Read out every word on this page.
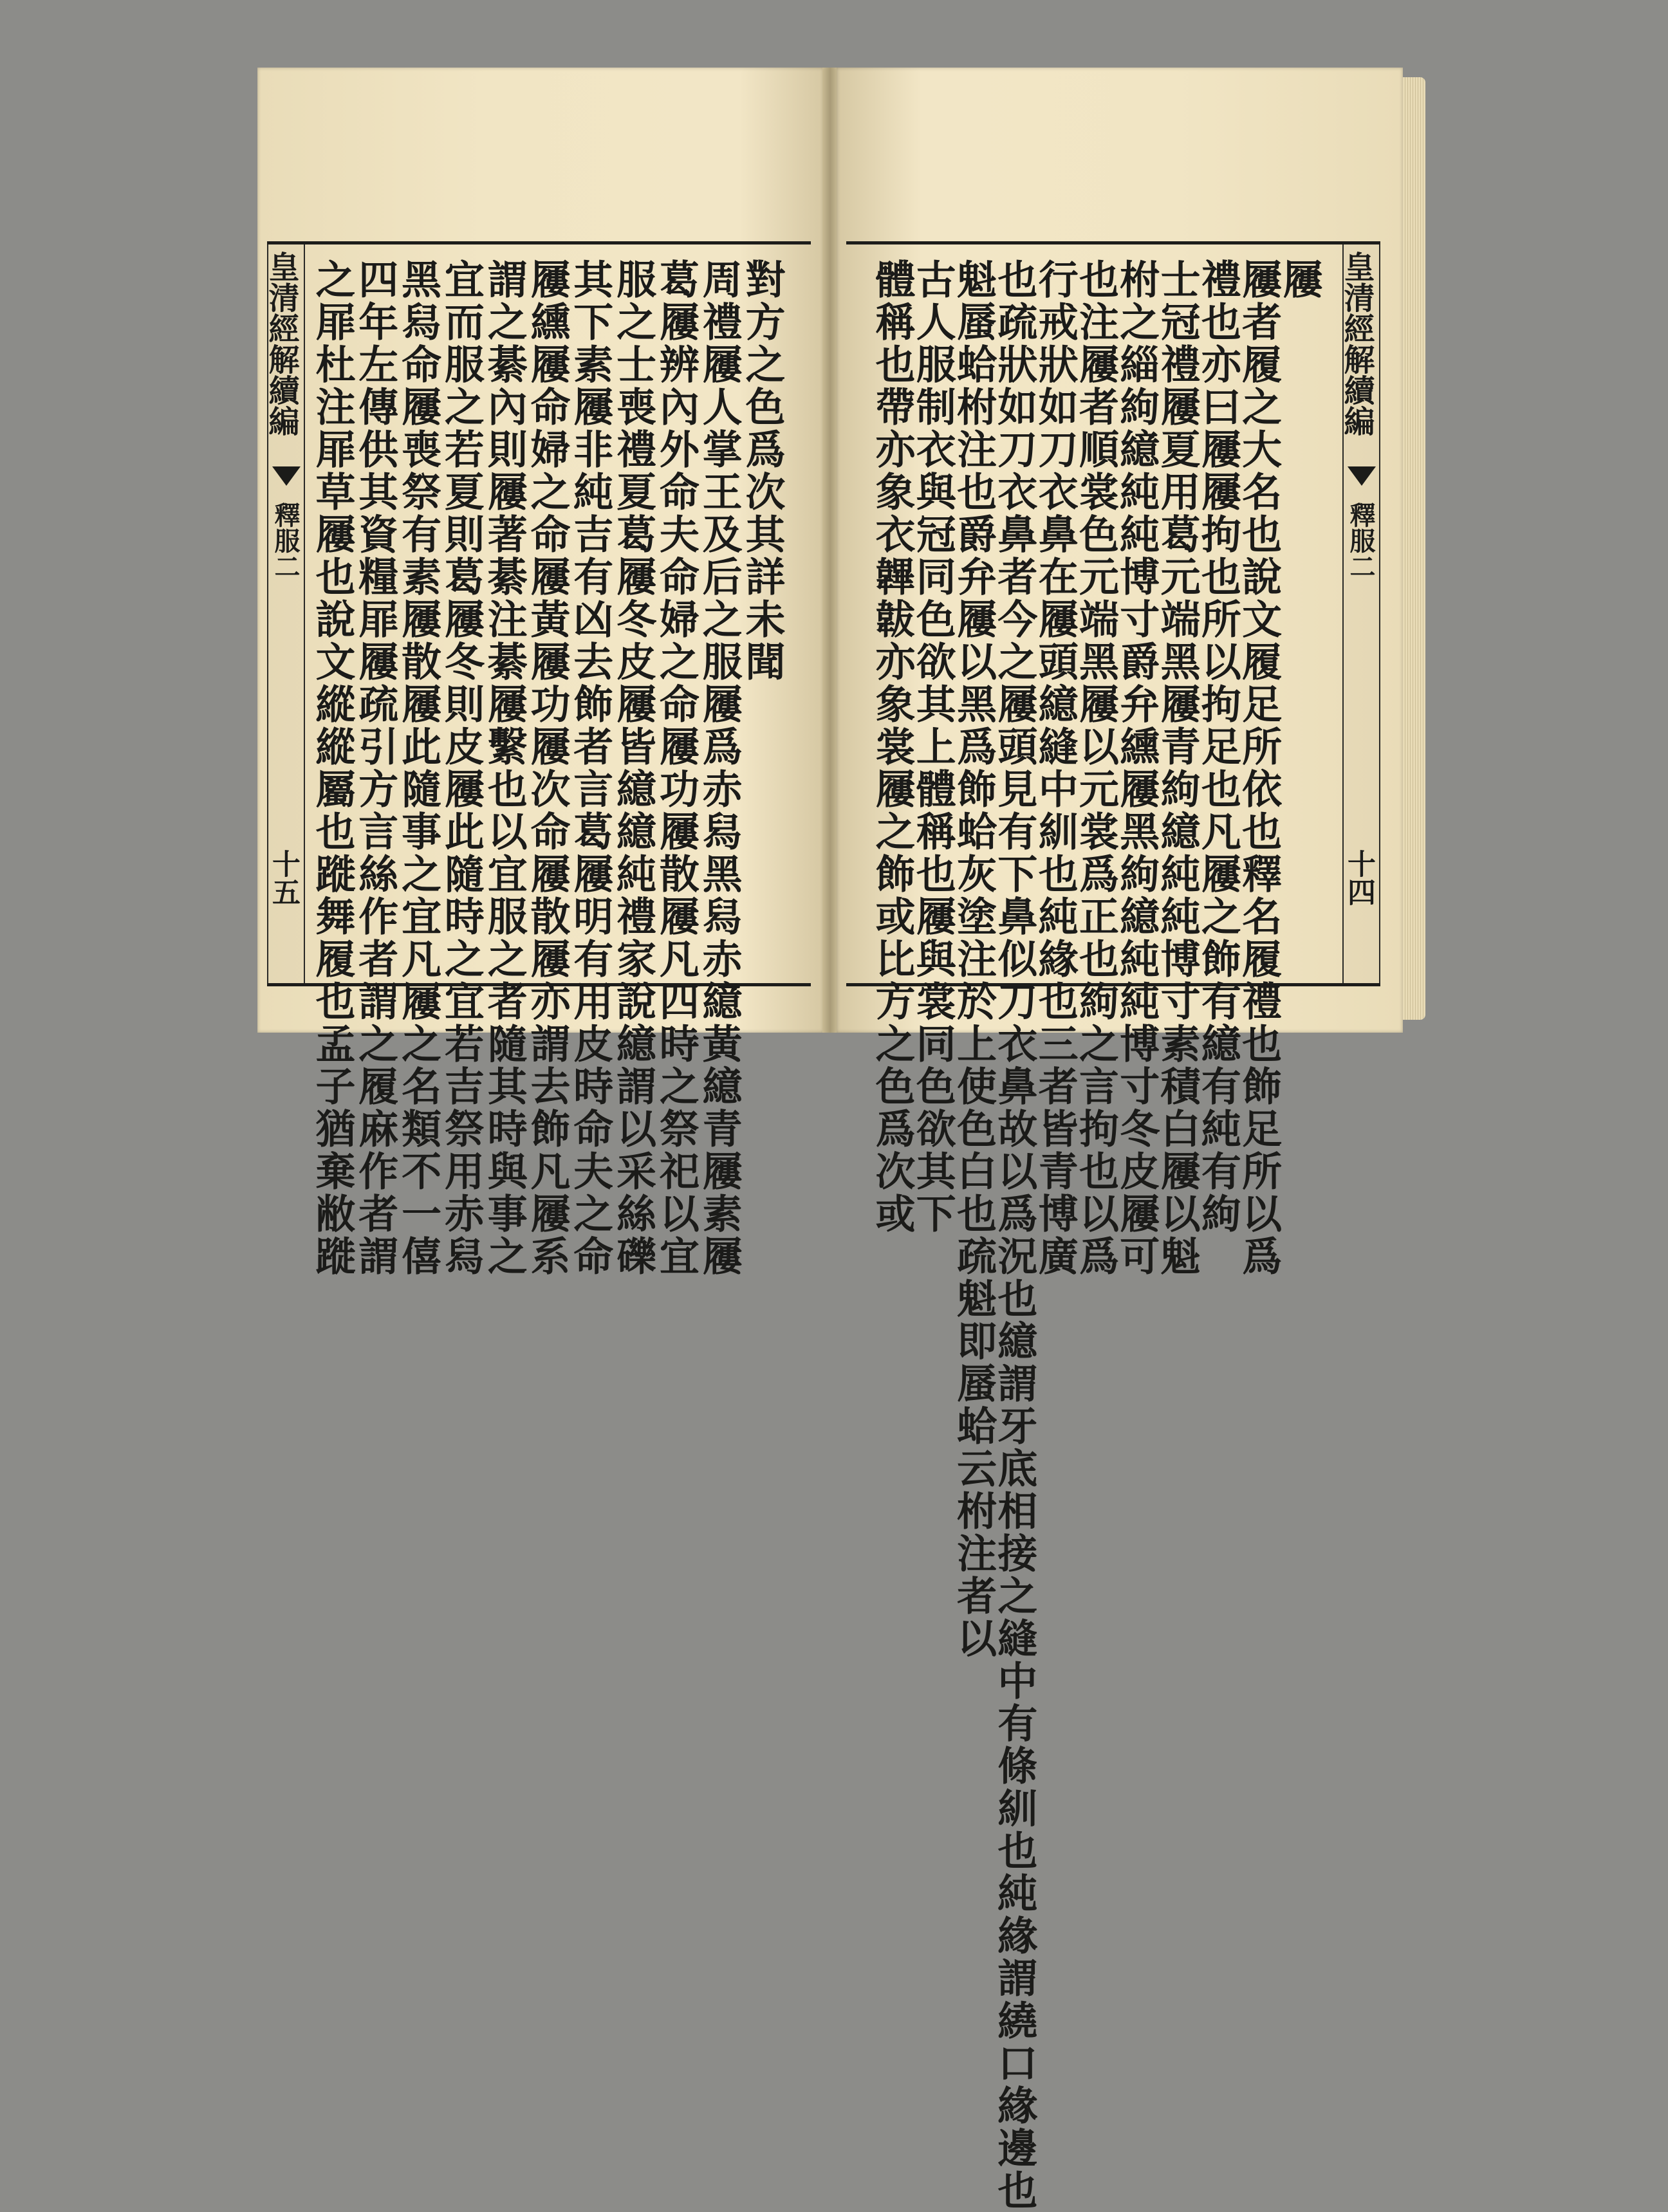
皇清經解續編
釋服二
十五
對方之色爲次其詳未聞
周禮屨人掌王及后之服屨爲赤舄黑舄赤繶黃繶青屨素屨
葛屨辨內外命夫命婦之命屨功屨散屨凡四時之祭祀以宜
服之士喪禮夏葛屨冬皮屨皆繶繶純禮家說繶謂以采絲礫
其下素屨非純吉有凶去飾者言葛屨明有用皮時命夫之命
屨纁屨命婦之命屨黃屨功屨次命屨散屨亦謂去飾凡屨系
謂之綦內則屨著綦注綦屨繫也以宜服之者隨其時與事之
宜而服之若夏則葛屨冬則皮屨此隨時之宜若吉祭用赤舄
黑舄命屨喪祭有素屨散屨此隨事之宜凡屨之名類不一僖
四年左傳供其資糧屝屨疏引方言絲作者謂之履麻作者謂
之屝杜注屝草屨也說文縱縱屬也蹝舞履也孟子猶棄敝蹝	皇清經解續編
釋服二
十四
屨
屨者履之大名也說文履足所依也釋名履禮也飾足所以爲
禮也亦曰屨屨拘也所以拘足也凡屨之飾有繶有純有絇
士冠禮屨夏用葛元端黑屨青絇繶純純博寸素積白屨以魁
柎之緇絇繶純純博寸爵弁纁屨黑絇繶純純博寸冬皮屨可
也注屨者順裳色元端黑屨以元裳爲正也絇之言拘也以爲
行戒狀如刀衣鼻在屨頭繶縫中紃也純緣也三者皆青博廣
也疏狀如刀衣鼻者今之屨頭見有下鼻似刀衣鼻故以爲況也繶謂牙底相接之縫中有條紃也純緣謂繞口緣邊也
魁蜃蛤柎注也爵弁屨以黑爲飾蛤灰塗注於上使色白也疏魁即蜃蛤云柎注者以
古人服制衣與冠同色欲其上體稱也屨與裳同色欲其下
體稱也帶亦象衣韠韍亦象裳屨之飾或比方之色爲次或
